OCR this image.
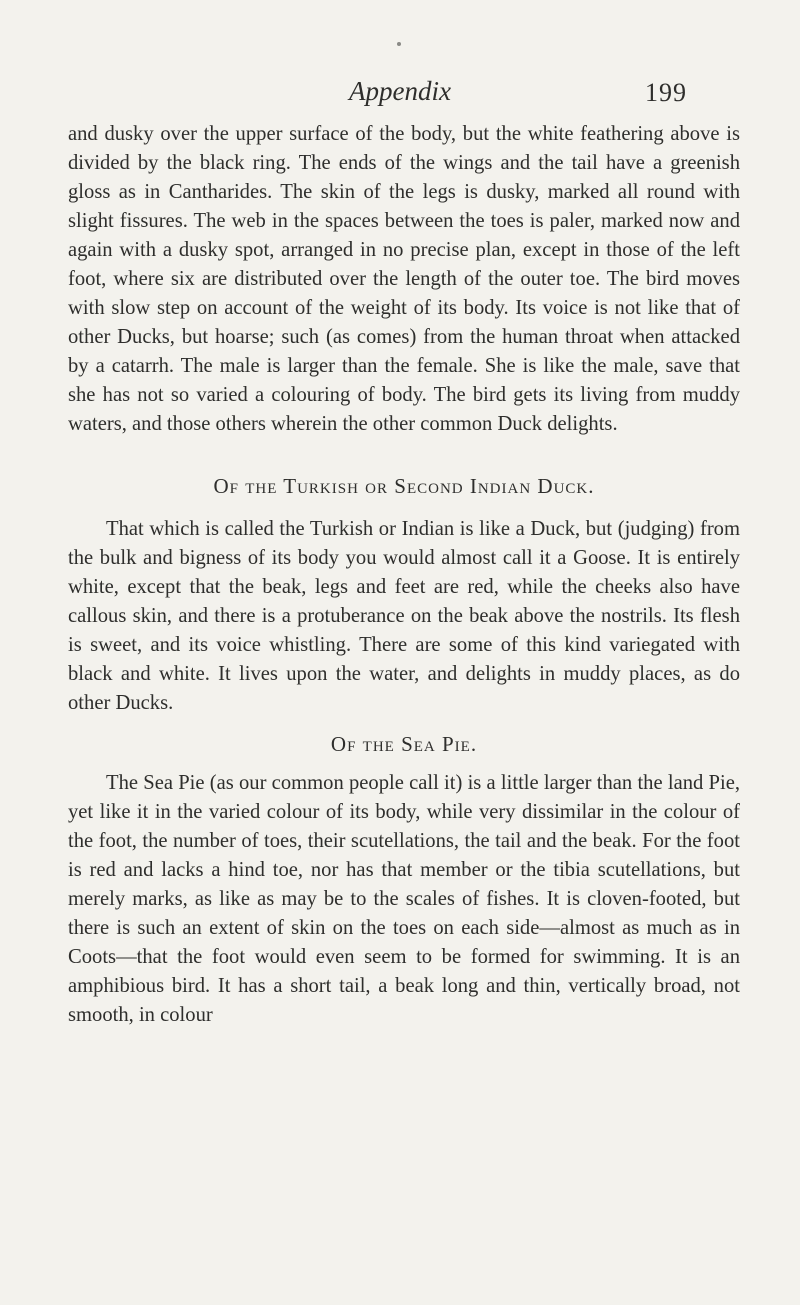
Appendix	199

and dusky over the upper surface of the body, but the white feathering above is divided by the black ring. The ends of the wings and the tail have a greenish gloss as in Cantharides. The skin of the legs is dusky, marked all round with slight fissures. The web in the spaces between the toes is paler, marked now and again with a dusky spot, arranged in no precise plan, except in those of the left foot, where six are distributed over the length of the outer toe. The bird moves with slow step on account of the weight of its body. Its voice is not like that of other Ducks, but hoarse; such (as comes) from the human throat when attacked by a catarrh. The male is larger than the female. She is like the male, save that she has not so varied a colouring of body. The bird gets its living from muddy waters, and those others wherein the other common Duck delights.

Of the Turkish or Second Indian Duck.

That which is called the Turkish or Indian is like a Duck, but (judging) from the bulk and bigness of its body you would almost call it a Goose. It is entirely white, except that the beak, legs and feet are red, while the cheeks also have callous skin, and there is a protuberance on the beak above the nostrils. Its flesh is sweet, and its voice whistling. There are some of this kind variegated with black and white. It lives upon the water, and delights in muddy places, as do other Ducks.

Of the Sea Pie.

The Sea Pie (as our common people call it) is a little larger than the land Pie, yet like it in the varied colour of its body, while very dissimilar in the colour of the foot, the number of toes, their scutellations, the tail and the beak. For the foot is red and lacks a hind toe, nor has that member or the tibia scutellations, but merely marks, as like as may be to the scales of fishes. It is cloven-footed, but there is such an extent of skin on the toes on each side—almost as much as in Coots—that the foot would even seem to be formed for swimming. It is an amphibious bird. It has a short tail, a beak long and thin, vertically broad, not smooth, in colour
